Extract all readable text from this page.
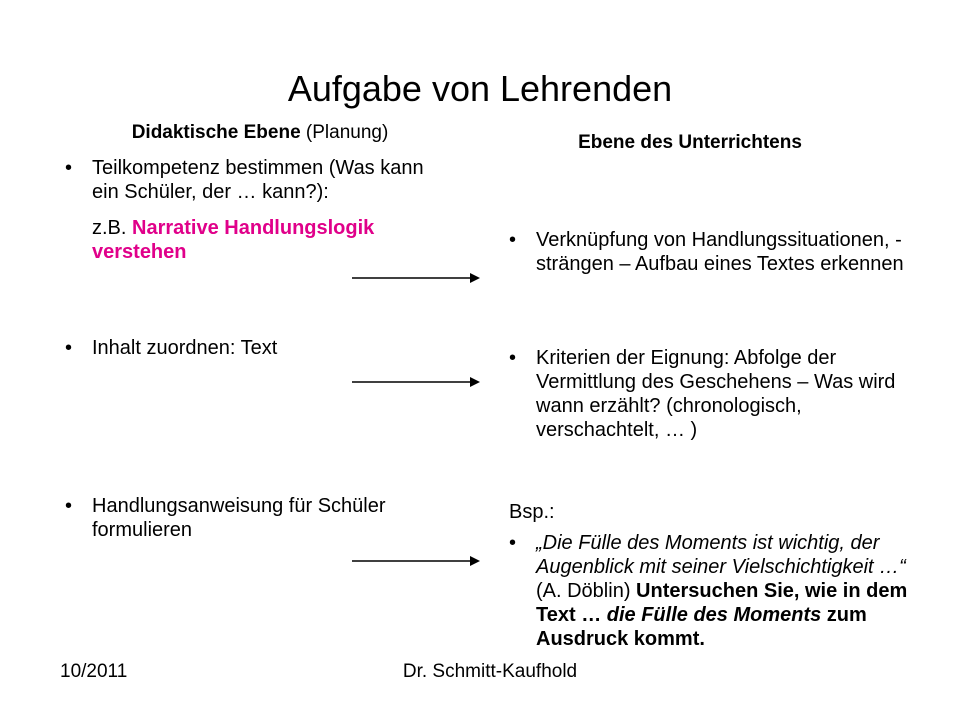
Aufgabe von Lehrenden
Didaktische Ebene (Planung)	Ebene des Unterrichtens
• Teilkompetenz bestimmen (Was kann ein Schüler, der … kann?):
z.B. Narrative Handlungslogik verstehen
• Inhalt zuordnen: Text
• Handlungsanweisung für Schüler formulieren
• Verknüpfung von Handlungssituationen, -strängen – Aufbau eines Textes erkennen
• Kriterien der Eignung: Abfolge der Vermittlung des Geschehens – Was wird wann erzählt? (chronologisch, verschachtelt, … )
Bsp.:
• „Die Fülle des Moments ist wichtig, der Augenblick mit seiner Vielschichtigkeit …“ (A. Döblin) Untersuchen Sie, wie in dem Text … die Fülle des Moments zum Ausdruck kommt.
10/2011	Dr. Schmitt-Kaufhold
